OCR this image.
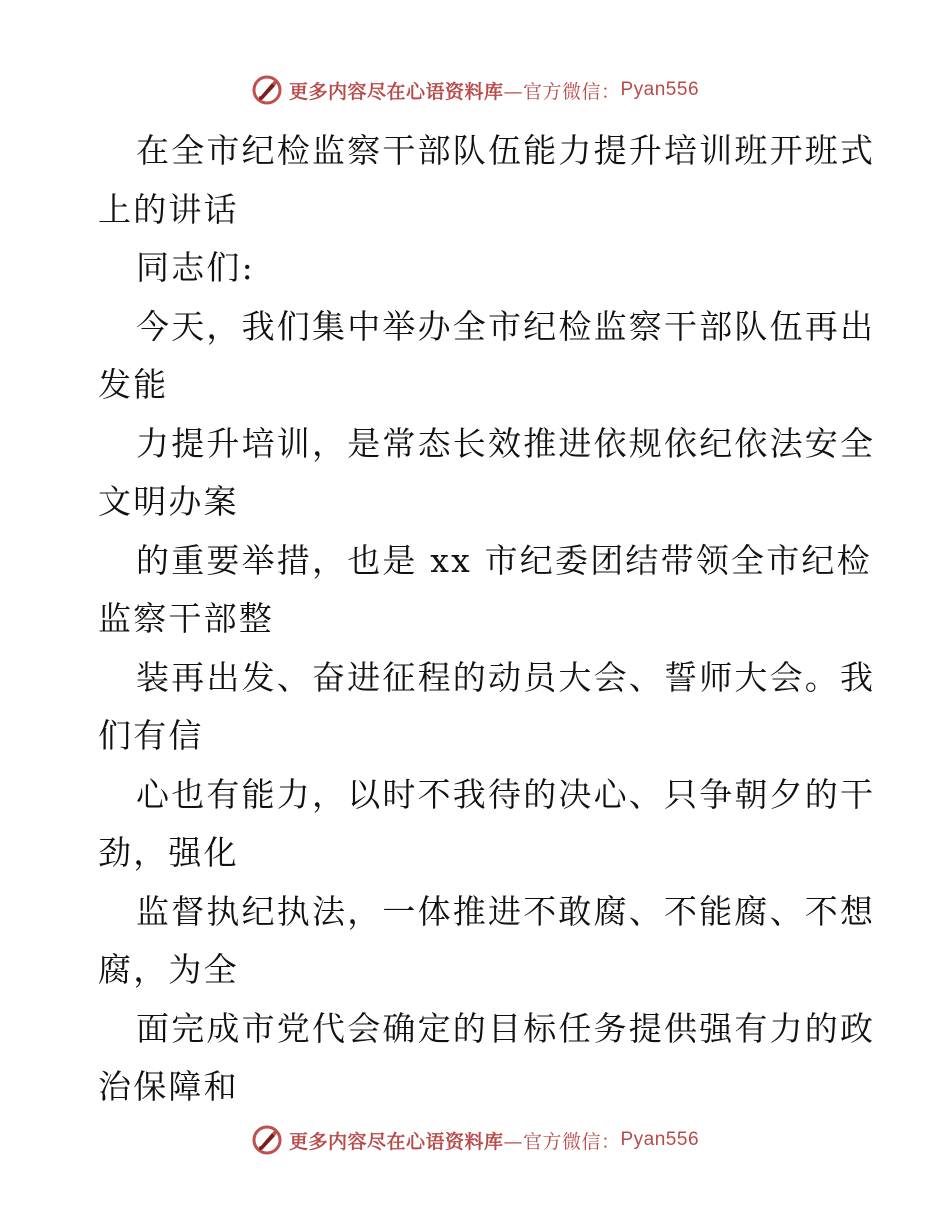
更多内容尽在心语资料库 —官方微信： Pyan556
在全市纪检监察干部队伍能力提升培训班开班式
上的讲话
同志们:
今天，我们集中举办全市纪检监察干部队伍再出
发能
力提升培训，是常态长效推进依规依纪依法安全
文明办案
的重要举措，也是 xx 市纪委团结带领全市纪检
监察干部整
装再出发、奋进征程的动员大会、誓师大会。我
们有信
心也有能力，以时不我待的决心、只争朝夕的干
劲，强化
监督执纪执法，一体推进不敢腐、不能腐、不想
腐，为全
面完成市党代会确定的目标任务提供强有力的政
治保障和
更多内容尽在心语资料库 —官方微信： Pyan556
